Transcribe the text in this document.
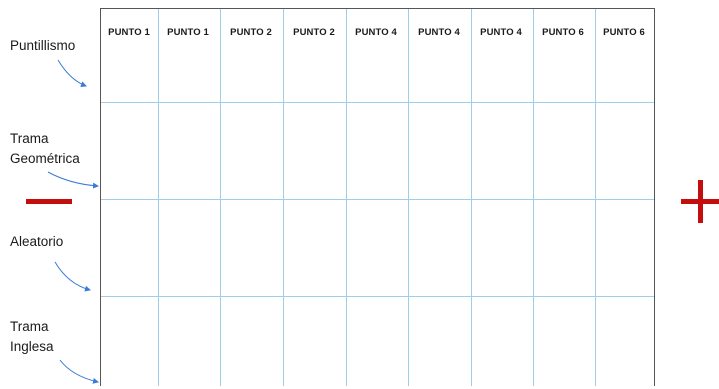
PUNTO 1 PUNTO 1 PUNTO 2 PUNTO 2 PUNTO 4 PUNTO 4 PUNTO 4 PUNTO 6 PUNTO 6
Puntillismo
Trama
Geométrica
Aleatorio
Trama
Inglesa
